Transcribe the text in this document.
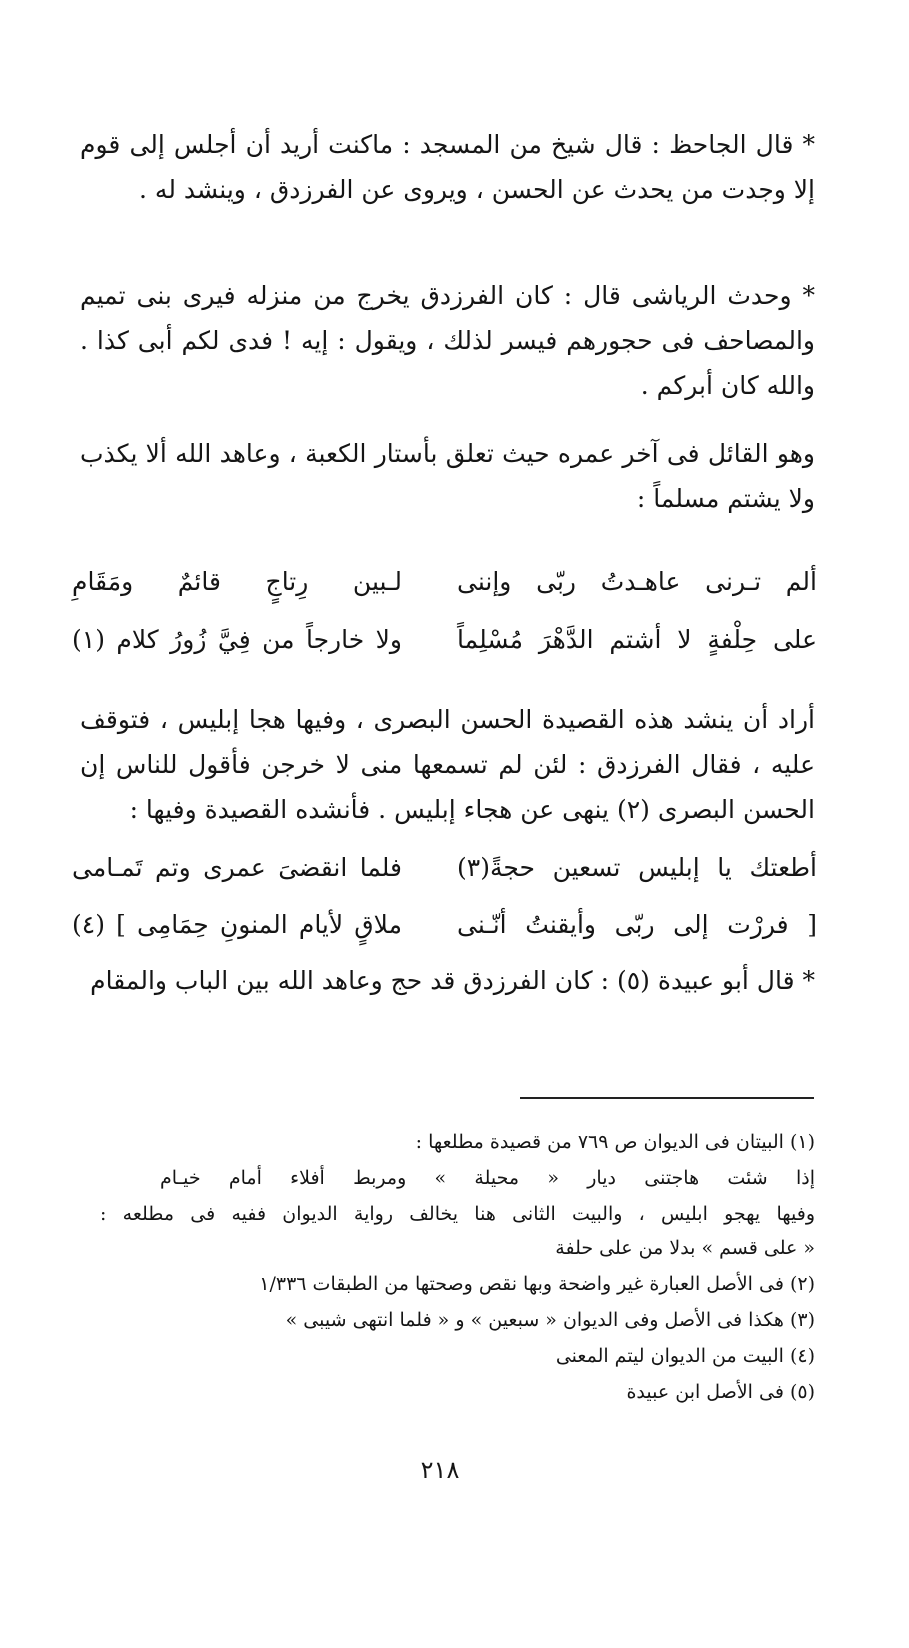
* قال الجاحظ : قال شيخ من المسجد : ماكنت أريد أن أجلس إلى قوم إلا وجدت من يحدث عن الحسن ، ويروى عن الفرزدق ، وينشد له .

* وحدث الرياشى قال : كان الفرزدق يخرج من منزله فيرى بنى تميم والمصاحف فى حجورهم فيسر لذلك ، ويقول : إيه ! فدى لكم أبى كذا . والله كان أبركم .

وهو القائل فى آخر عمره حيث تعلق بأستار الكعبة ، وعاهد الله ألا يكذب ولا يشتم مسلماً :

ألم تـرنى عاهـدتُ ربّى وإننى
لـبين رِتاجٍ قائمٌ ومَقَامِ
على حِلْفةٍ لا أشتم الدَّهْرَ مُسْلِماً
ولا خارجاً من فِيَّ زُورُ كلام (١)

أراد أن ينشد هذه القصيدة الحسن البصرى ، وفيها هجا إبليس ، فتوقف عليه ، فقال الفرزدق : لئن لم تسمعها منى لا خرجن فأقول للناس إن الحسن البصرى (٢) ينهى عن هجاء إبليس . فأنشده القصيدة وفيها :

أطعتك يا إبليس تسعين حجةً(٣)
فلما انقضىَ عمرى وتم تَمـامى
[ فررْت إلى ربّى وأيقنتُ أنّـنى
ملاقٍ لأيام المنونِ حِمَامِى ] (٤)

* قال أبو عبيدة (٥) : كان الفرزدق قد حج وعاهد الله بين الباب والمقام

(١) البيتان فى الديوان ص ٧٦٩ من قصيدة مطلعها :
إذا شئت هاجتنى ديار « محيلة » ومربط أفلاء أمام خيـام
وفيها يهجو ابليس ، والبيت الثانى هنا يخالف رواية الديوان ففيه فى مطلعه :
« على قسم » بدلا من على حلفة
(٢) فى الأصل العبارة غير واضحة وبها نقص وصحتها من الطبقات ١/٣٣٦
(٣) هكذا فى الأصل وفى الديوان « سبعين » و « فلما انتهى شيبى »
(٤) البيت من الديوان ليتم المعنى
(٥) فى الأصل ابن عبيدة
٢١٨
